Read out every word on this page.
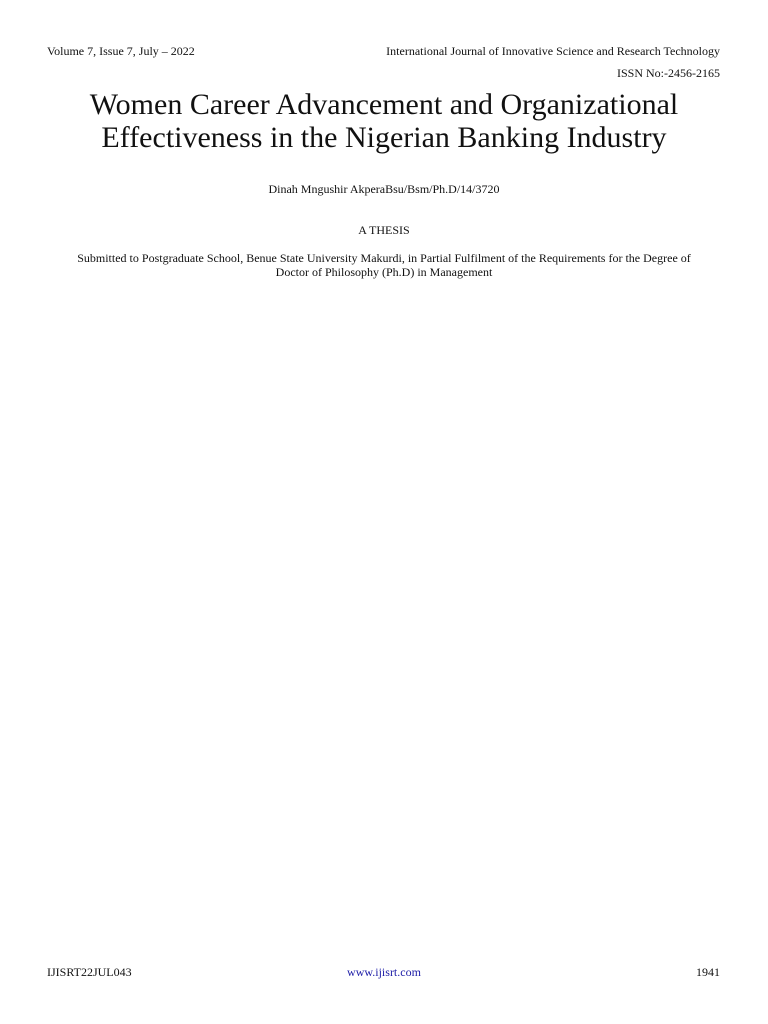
Volume 7, Issue 7, July – 2022	International Journal of Innovative Science and Research Technology
ISSN No:-2456-2165
Women Career Advancement and Organizational
Effectiveness in the Nigerian Banking Industry
Dinah Mngushir AkperaBsu/Bsm/Ph.D/14/3720
A THESIS
Submitted to Postgraduate School, Benue State University Makurdi, in Partial Fulfilment of the Requirements for the Degree of
Doctor of Philosophy (Ph.D) in Management
IJISRT22JUL043	www.ijisrt.com	1941
